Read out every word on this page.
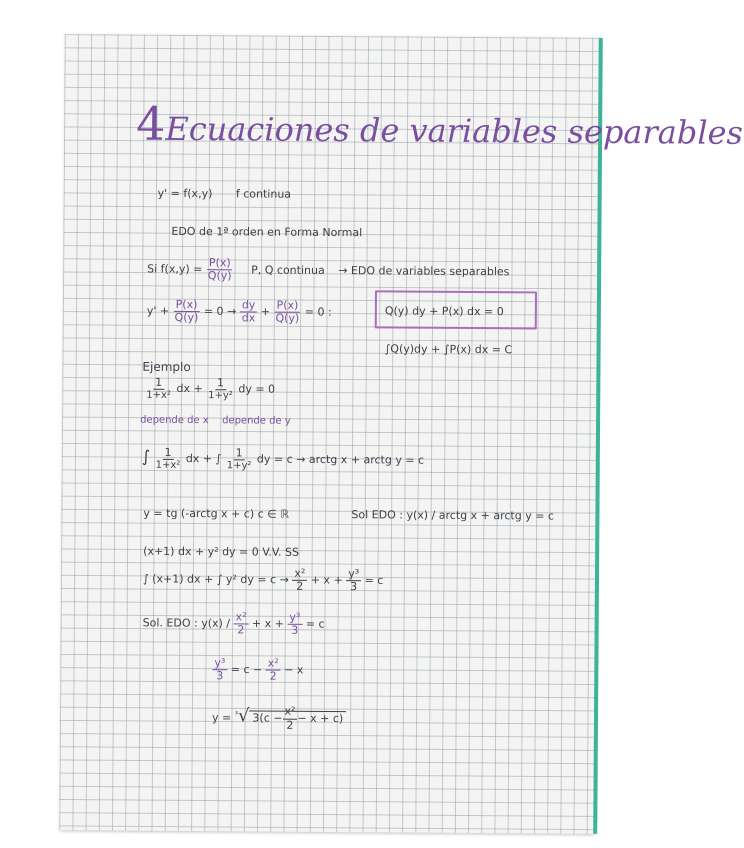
4Ecuaciones de variables separables
y' = f(x,y) f continua
EDO de 1ª orden en Forma Normal
Si $f(x,y) = \frac{P(x)}{Q(y)} P$, Q continua → EDO de variables separables
$y' + \frac{P(x)}{Q(y)} = 0 \to \frac{dy}{dx} + \frac{P(x)}{Q(y)} = 0$ :	Q(y) dy + P(x) dx = 0
∫Q(y)dy + ∫P(x) dx = C
Ejemplo
$\frac{1}{\text{1+x²}}$ dx + $\frac{1}{\text{1+y²}}$ dy = 0
depende de x depende de y
∫ $\frac{1}{\text{1+x²}}$ dx + ∫ $\frac{1}{\text{1+y²}}$ dy = c → arctg x + arctg y = c
y = tg (-arctg x + c) c ∈ ℝ	Sol EDO : y(x) / arctg x + arctg y = c
(x+1) dx + y² dy = 0 V.V. SS
∫ (x+1) dx + ∫ y² dy = $c \to \frac{\text{x²}}{2} + x + \frac{\text{y³}}{3} = c$
Sol. EDO : $y(x) / \frac{\text{x²}}{2} + x + \frac{\text{y³}}{3} = c$
$\frac{\text{y³}}{3} = c - \frac{\text{x²}}{2} - x$
y = $^{^3}$√ $3(c - \frac{\text{x²}}{2} - x + c)$
